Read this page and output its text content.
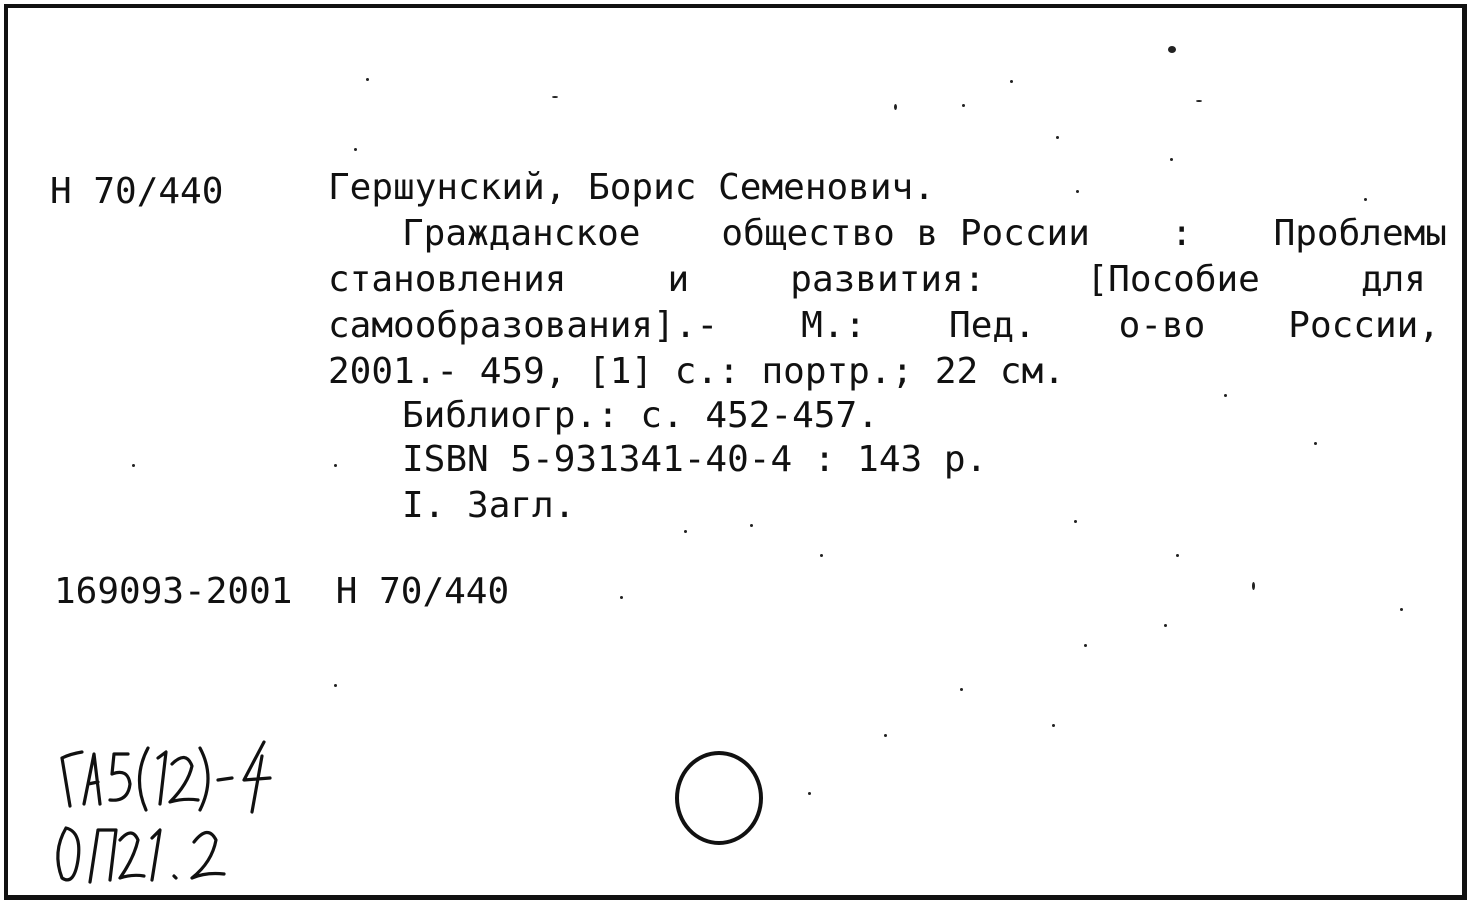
Н 70/440	Гершунский, Борис Семенович.
Гражданское общество в России : Проблемы
становления	и	развития:	[Пособие	для
самообразования].- М.: Пед. о-во России,
2001.- 459, [1] с.: портр.; 22 см.
Библиогр.: с. 452-457.
ISBN 5-931341-40-4 : 143 р.
I. Загл.
169093-2001  Н 70/440
